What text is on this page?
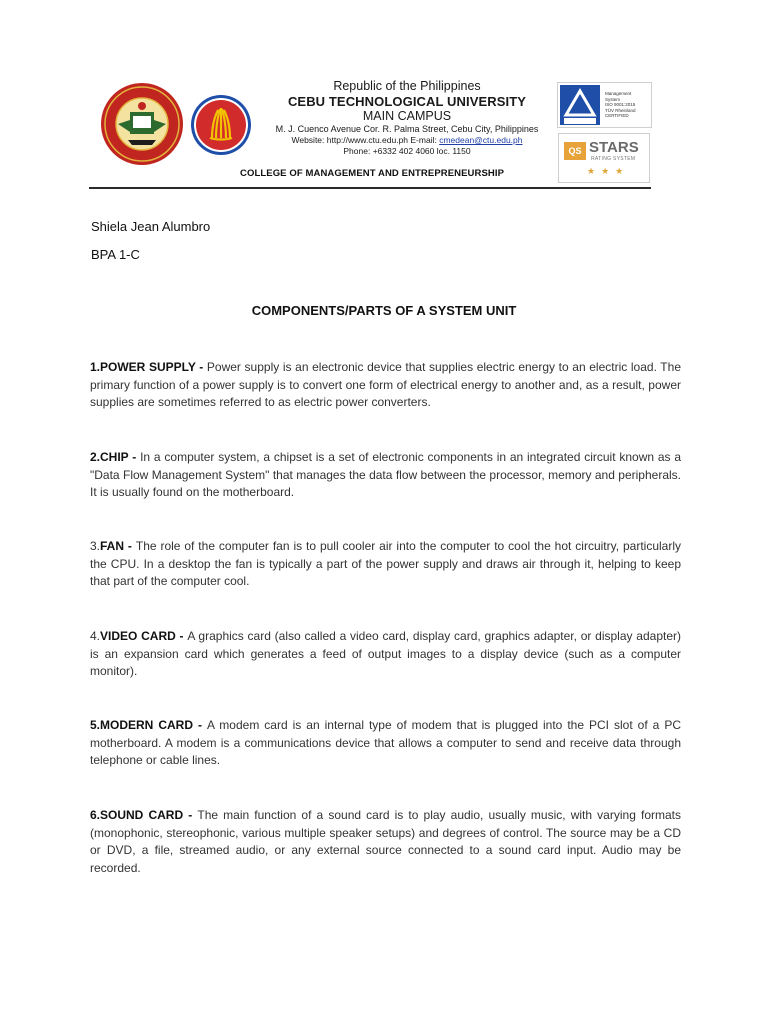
Republic of the Philippines
CEBU TECHNOLOGICAL UNIVERSITY
MAIN CAMPUS
M. J. Cuenco Avenue Cor. R. Palma Street, Cebu City, Philippines
Website: http://www.ctu.edu.ph E-mail: cmedean@ctu.edu.ph
Phone: +6332 402 4060 loc. 1150
COLLEGE OF MANAGEMENT AND ENTREPRENEURSHIP
Management
System
ISO 9001:2015
TÜV Rheinland
CERTIFIED
QS STARS
RATING SYSTEM
★★★
Shiela Jean Alumbro
BPA 1-C
COMPONENTS/PARTS OF A SYSTEM UNIT

1.POWER SUPPLY - Power supply is an electronic device that supplies electric energy to an electric load. The primary function of a power supply is to convert one form of electrical energy to another and, as a result, power supplies are sometimes referred to as electric power converters.

2.CHIP - In a computer system, a chipset is a set of electronic components in an integrated circuit known as a "Data Flow Management System" that manages the data flow between the processor, memory and peripherals. It is usually found on the motherboard.

3.FAN - The role of the computer fan is to pull cooler air into the computer to cool the hot circuitry, particularly the CPU. In a desktop the fan is typically a part of the power supply and draws air through it, helping to keep that part of the computer cool.

4.VIDEO CARD - A graphics card (also called a video card, display card, graphics adapter, or display adapter) is an expansion card which generates a feed of output images to a display device (such as a computer monitor).

5.MODERN CARD - A modem card is an internal type of modem that is plugged into the PCI slot of a PC motherboard. A modem is a communications device that allows a computer to send and receive data through telephone or cable lines.

6.SOUND CARD - The main function of a sound card is to play audio, usually music, with varying formats (monophonic, stereophonic, various multiple speaker setups) and degrees of control. The source may be a CD or DVD, a file, streamed audio, or any external source connected to a sound card input. Audio may be recorded.
